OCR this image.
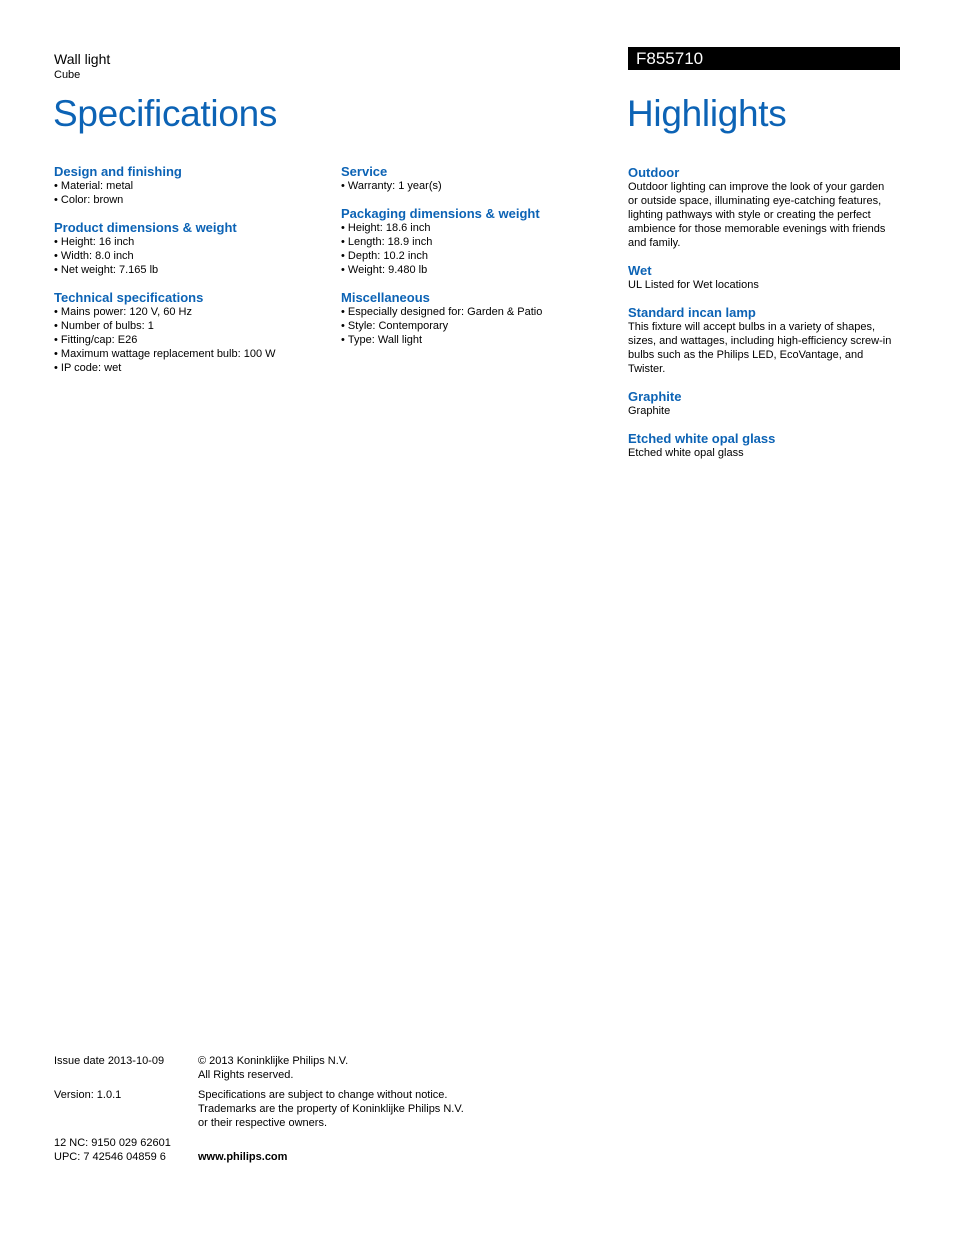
Wall light

Cube

F855710
Specifications	Highlights
Design and finishing
• Material: metal
• Color: brown
Product dimensions & weight
• Height: 16 inch
• Width: 8.0 inch
• Net weight: 7.165 lb
Technical specifications
• Mains power: 120 V, 60 Hz
• Number of bulbs: 1
• Fitting/cap: E26
• Maximum wattage replacement bulb: 100 W
• IP code: wet
Service
• Warranty: 1 year(s)
Packaging dimensions & weight
• Height: 18.6 inch
• Length: 18.9 inch
• Depth: 10.2 inch
• Weight: 9.480 lb
Miscellaneous
• Especially designed for: Garden & Patio
• Style: Contemporary
• Type: Wall light
Outdoor

Outdoor lighting can improve the look of your garden
or outside space, illuminating eye-catching features,
lighting pathways with style or creating the perfect
ambience for those memorable evenings with friends
and family.

Wet

UL Listed for Wet locations

Standard incan lamp

This fixture will accept bulbs in a variety of shapes,
sizes, and wattages, including high-efficiency screw-in
bulbs such as the Philips LED, EcoVantage, and
Twister.

Graphite

Graphite

Etched white opal glass

Etched white opal glass

Issue date 2013-10-09	© 2013 Koninklijke Philips N.V.
All Rights reserved.
Version: 1.0.1	Specifications are subject to change without notice.
Trademarks are the property of Koninklijke Philips N.V.
or their respective owners.
12 NC: 9150 029 62601
UPC: 7 42546 04859 6	www.philips.com
